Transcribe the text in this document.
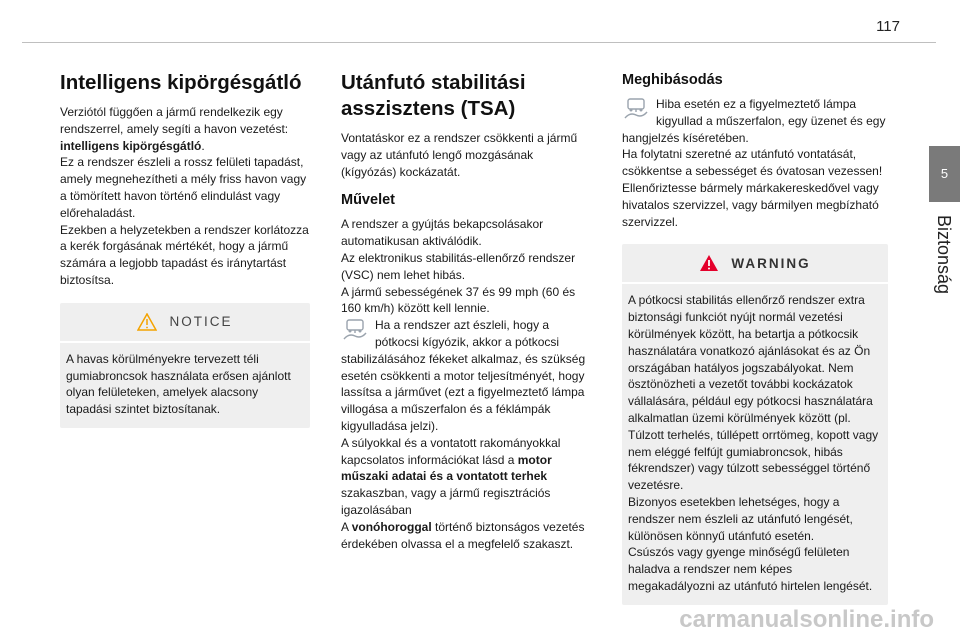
117
5
Biztonság
Intelligens kipörgésgátló

Verziótól függően a jármű rendelkezik egy rendszerrel, amely segíti a havon vezetést: intelligens kipörgésgátló.

Ez a rendszer észleli a rossz felületi tapadást, amely megnehezítheti a mély friss havon vagy a tömörített havon történő elindulást vagy előrehaladást.

Ezekben a helyzetekben a rendszer korlátozza a kerék forgásának mértékét, hogy a jármű számára a legjobb tapadást és iránytartást biztosítsa.

NOTICE

A havas körülményekre tervezett téli gumiabroncsok használata erősen ajánlott olyan felületeken, amelyek alacsony tapadási szintet biztosítanak.

Utánfutó stabilitási asszisztens (TSA)

Vontatáskor ez a rendszer csökkenti a jármű vagy az utánfutó lengő mozgásának (kígyózás) kockázatát.

Művelet

A rendszer a gyújtás bekapcsolásakor automatikusan aktiválódik.

Az elektronikus stabilitás-ellenőrző rendszer (VSC) nem lehet hibás.

A jármű sebességének 37 és 99 mph (60 és 160 km/h) között kell lennie.

Ha a rendszer azt észleli, hogy a pótkocsi kígyózik, akkor a pótkocsi stabilizálásához fékeket alkalmaz, és szükség esetén csökkenti a motor teljesítményét, hogy lassítsa a járművet (ezt a figyelmeztető lámpa villogása a műszerfalon és a féklámpák kigyulladása jelzi).

A súlyokkal és a vontatott rakományokkal kapcsolatos információkat lásd a motor műszaki adatai és a vontatott terhek szakaszban, vagy a jármű regisztrációs igazolásában

A vonóhoroggal történő biztonságos vezetés érdekében olvassa el a megfelelő szakaszt.

Meghibásodás

Hiba esetén ez a figyelmeztető lámpa kigyullad a műszerfalon, egy üzenet és egy hangjelzés kíséretében.

Ha folytatni szeretné az utánfutó vontatását, csökkentse a sebességet és óvatosan vezessen!

Ellenőriztesse bármely márkakereskedővel vagy hivatalos szervizzel, vagy bármilyen megbízható szervizzel.

WARNING

A pótkocsi stabilitás ellenőrző rendszer extra biztonsági funkciót nyújt normál vezetési körülmények között, ha betartja a pótkocsik használatára vonatkozó ajánlásokat és az Ön országában hatályos jogszabályokat. Nem ösztönözheti a vezetőt további kockázatok vállalására, például egy pótkocsi használatára alkalmatlan üzemi körülmények között (pl. Túlzott terhelés, túllépett orrtömeg, kopott vagy nem eléggé felfújt gumiabroncsok, hibás fékrendszer) vagy túlzott sebességgel történő vezetésre.

Bizonyos esetekben lehetséges, hogy a rendszer nem észleli az utánfutó lengését, különösen könnyű utánfutó esetén.

Csúszós vagy gyenge minőségű felületen haladva a rendszer nem képes megakadályozni az utánfutó hirtelen lengését.

carmanualsonline.info
